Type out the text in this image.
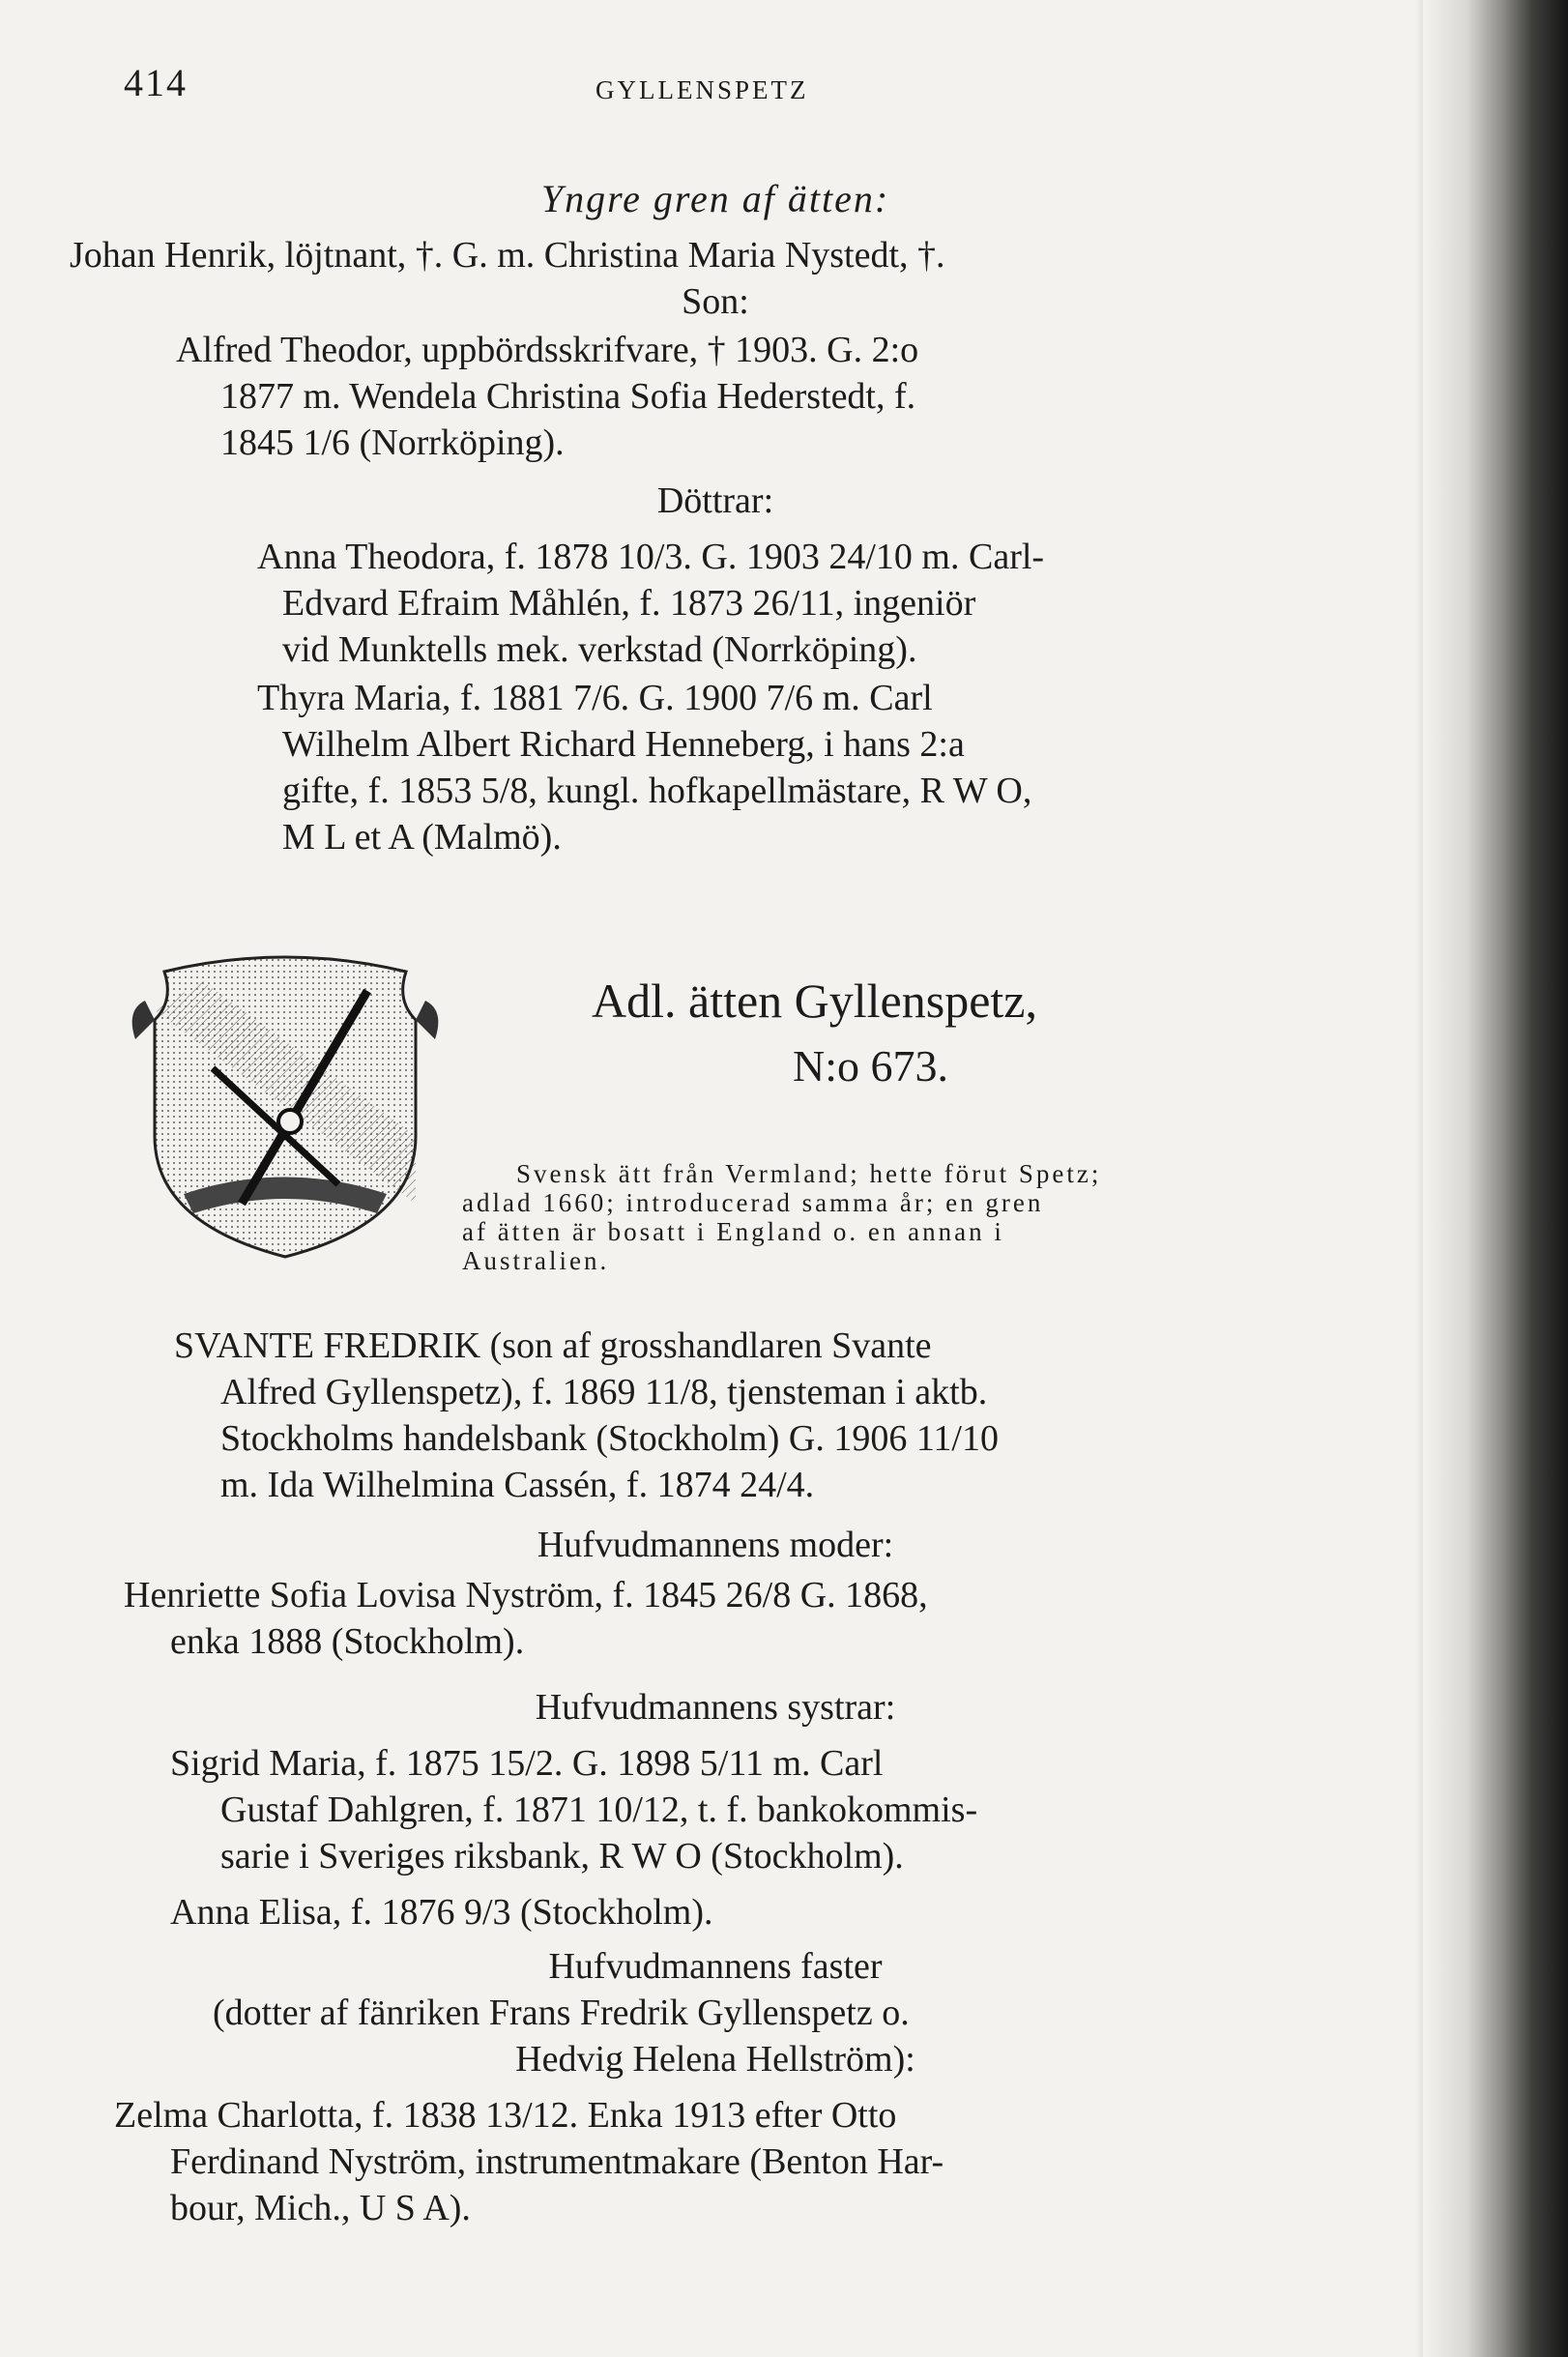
414	GYLLENSPETZ
Yngre gren af ätten:
Johan Henrik, löjtnant, †. G. m. Christina Maria Nystedt, †.
Son:
Alfred Theodor, uppbördsskrifvare, † 1903. G. 2:o
1877 m. Wendela Christina Sofia Hederstedt, f.
1845 1/6 (Norrköping).
Döttrar:
Anna Theodora, f. 1878 10/3. G. 1903 24/10 m. Carl-
Edvard Efraim Måhlén, f. 1873 26/11, ingeniör
vid Munktells mek. verkstad (Norrköping).
Thyra Maria, f. 1881 7/6. G. 1900 7/6 m. Carl
Wilhelm Albert Richard Henneberg, i hans 2:a
gifte, f. 1853 5/8, kungl. hofkapellmästare, R W O,
M L et A (Malmö).
Adl. ätten Gyllenspetz,
N:o 673.
Svensk ätt från Vermland; hette förut Spetz;
adlad 1660; introducerad samma år; en gren
af ätten är bosatt i England o. en annan i
Australien.
SVANTE FREDRIK (son af grosshandlaren Svante
Alfred Gyllenspetz), f. 1869 11/8, tjensteman i aktb.
Stockholms handelsbank (Stockholm) G. 1906 11/10
m. Ida Wilhelmina Cassén, f. 1874 24/4.
Hufvudmannens moder:
Henriette Sofia Lovisa Nyström, f. 1845 26/8 G. 1868,
enka 1888 (Stockholm).
Hufvudmannens systrar:
Sigrid Maria, f. 1875 15/2. G. 1898 5/11 m. Carl
Gustaf Dahlgren, f. 1871 10/12, t. f. bankokommis-
sarie i Sveriges riksbank, R W O (Stockholm).
Anna Elisa, f. 1876 9/3 (Stockholm).
Hufvudmannens faster
(dotter af fänriken Frans Fredrik Gyllenspetz o.
Hedvig Helena Hellström):
Zelma Charlotta, f. 1838 13/12. Enka 1913 efter Otto
Ferdinand Nyström, instrumentmakare (Benton Har-
bour, Mich., U S A).
